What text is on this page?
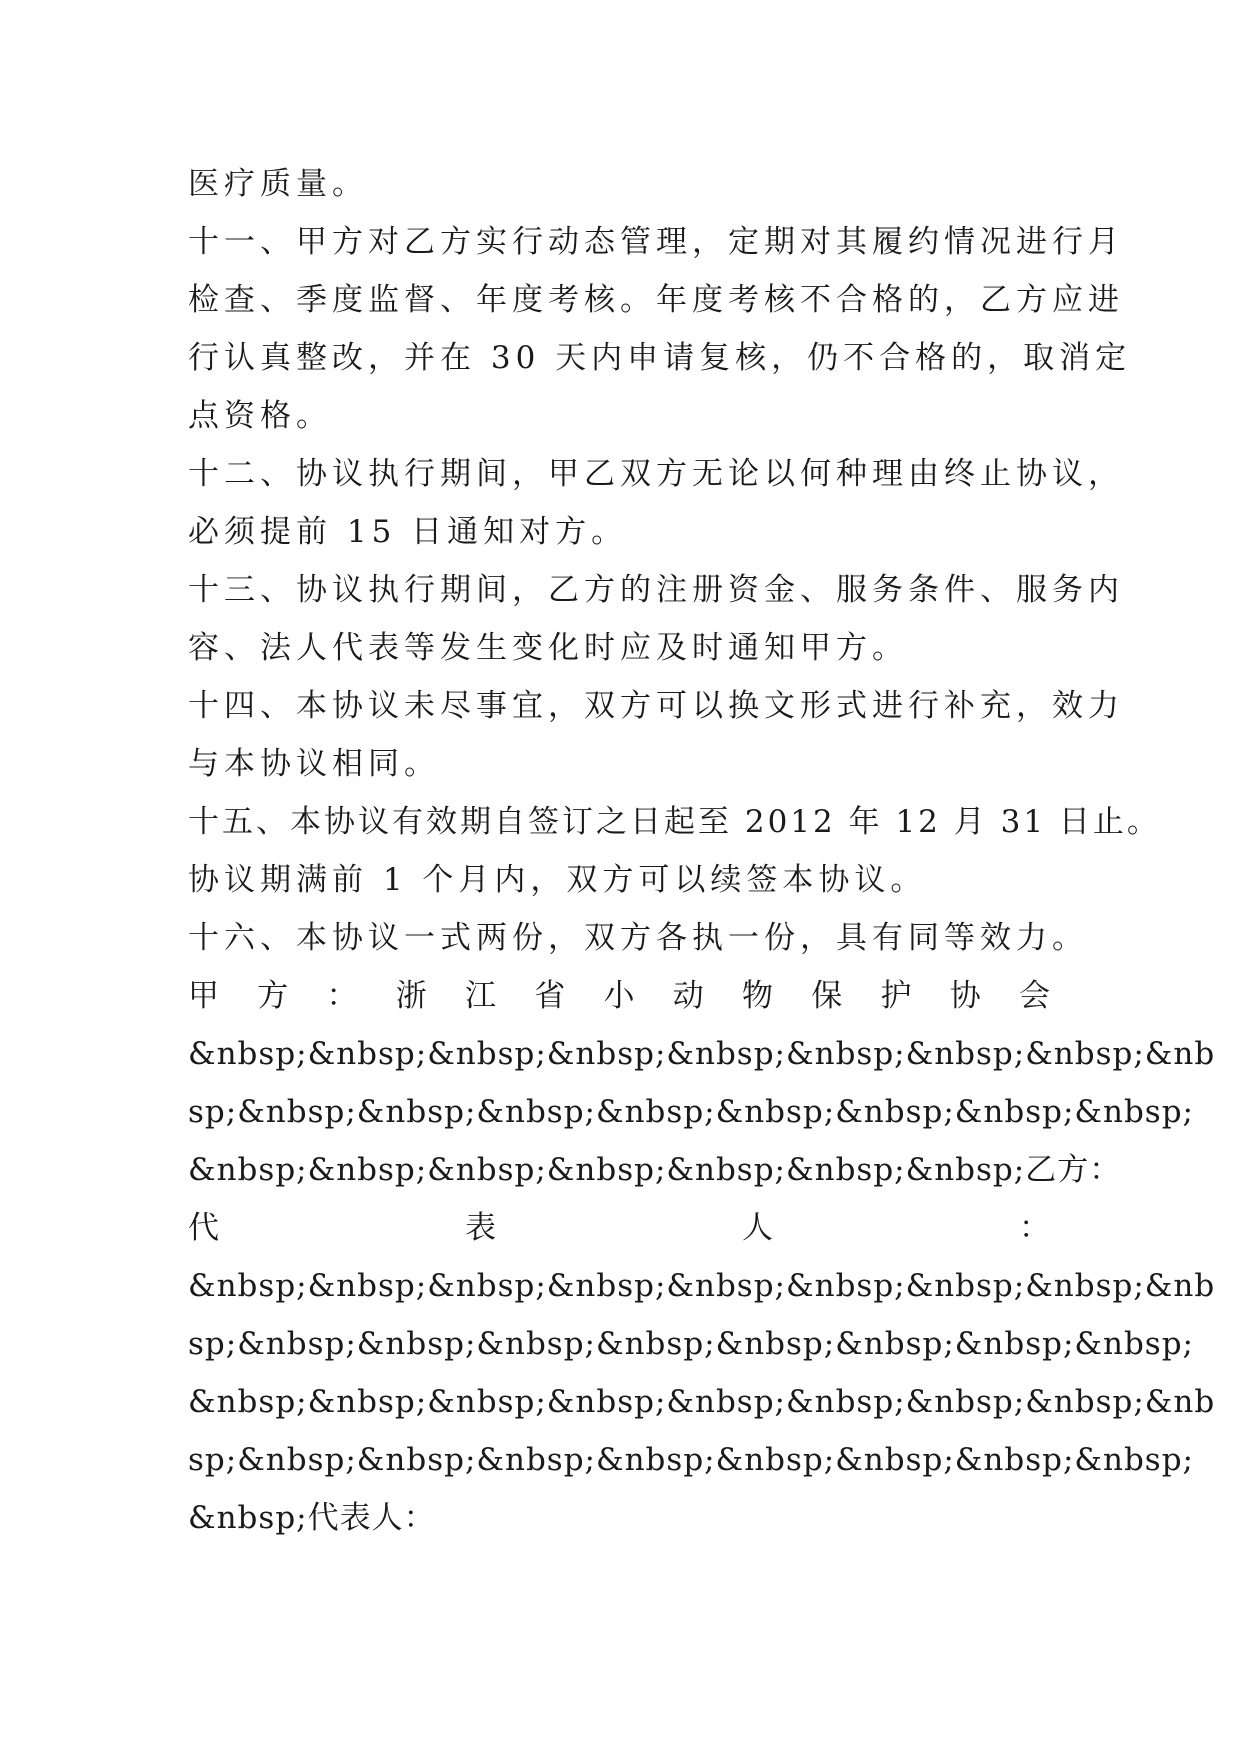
医疗质量。
十一、甲方对乙方实行动态管理，定期对其履约情况进行月
检查、季度监督、年度考核。年度考核不合格的，乙方应进
行认真整改，并在 30 天内申请复核，仍不合格的，取消定
点资格。
十二、协议执行期间，甲乙双方无论以何种理由终止协议，
必须提前 15 日通知对方。
十三、协议执行期间，乙方的注册资金、服务条件、服务内
容、法人代表等发生变化时应及时通知甲方。
十四、本协议未尽事宜，双方可以换文形式进行补充，效力
与本协议相同。
十五、本协议有效期自签订之日起至 2012 年 12 月 31 日止。
协议期满前 1 个月内，双方可以续签本协议。
十六、本协议一式两份，双方各执一份，具有同等效力。
甲 方 ： 浙 江 省 小 动 物 保 护 协 会
&nbsp;&nbsp;&nbsp;&nbsp;&nbsp;&nbsp;&nbsp;&nbsp;&nb
sp;&nbsp;&nbsp;&nbsp;&nbsp;&nbsp;&nbsp;&nbsp;&nbsp;
&nbsp;&nbsp;&nbsp;&nbsp;&nbsp;&nbsp;&nbsp;乙方：
代	表	人	：
&nbsp;&nbsp;&nbsp;&nbsp;&nbsp;&nbsp;&nbsp;&nbsp;&nb
sp;&nbsp;&nbsp;&nbsp;&nbsp;&nbsp;&nbsp;&nbsp;&nbsp;
&nbsp;&nbsp;&nbsp;&nbsp;&nbsp;&nbsp;&nbsp;&nbsp;&nb
sp;&nbsp;&nbsp;&nbsp;&nbsp;&nbsp;&nbsp;&nbsp;&nbsp;
&nbsp;代表人：
